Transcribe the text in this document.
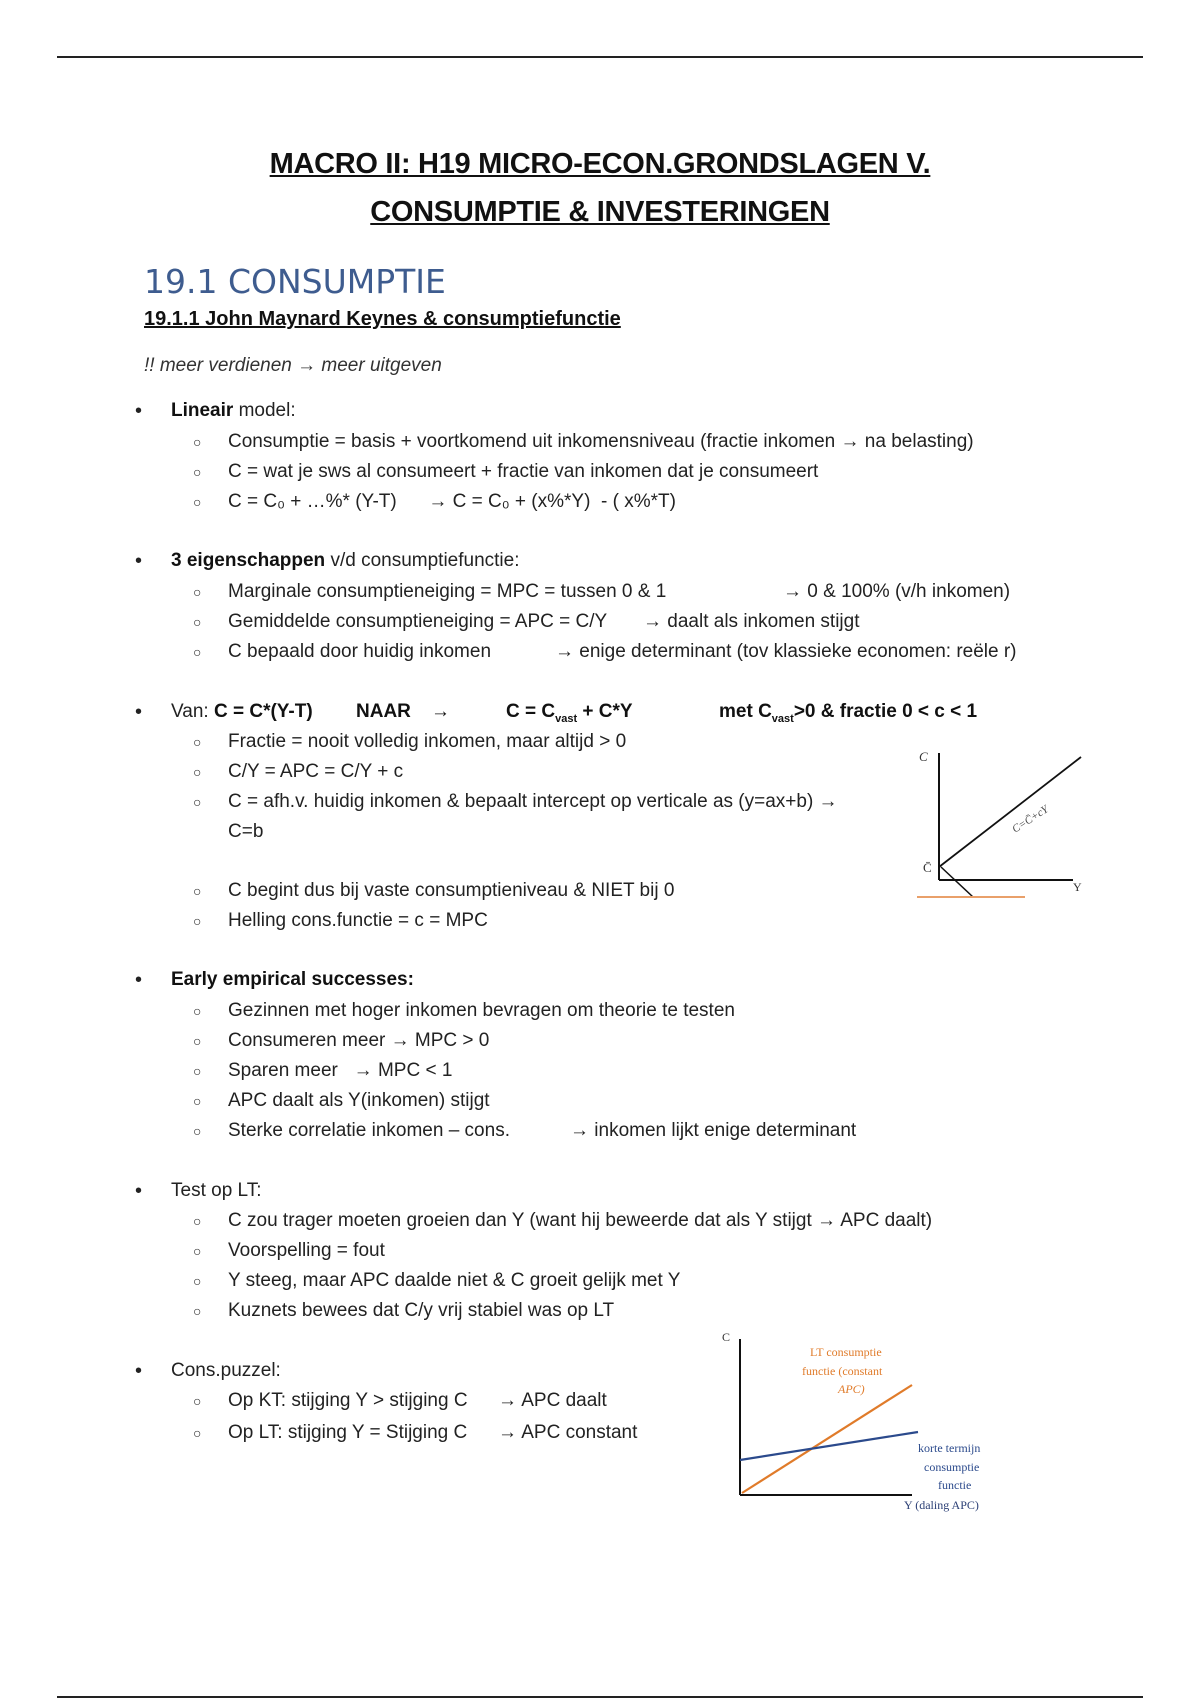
MACRO II: H19 MICRO-ECON.GRONDSLAGEN V.
CONSUMPTIE & INVESTERINGEN
19.1 CONSUMPTIE
19.1.1 John Maynard Keynes & consumptiefunctie
!! meer verdienen → meer uitgeven
• Lineair model:
○ Consumptie = basis + voortkomend uit inkomensniveau (fractie inkomen → na belasting)
○ C = wat je sws al consumeert + fractie van inkomen dat je consumeert
○ C = C₀ + …%* (Y-T)      → C = C₀ + (x%*Y)  - ( x%*T)
• 3 eigenschappen v/d consumptiefunctie:
○ Marginale consumptieneiging = MPC = tussen 0 & 1	→ 0 & 100% (v/h inkomen)
○ Gemiddelde consumptieneiging = APC = C/Y → daalt als inkomen stijgt
○ C bepaald door huidig inkomen	→ enige determinant (tov klassieke economen: reële r)
• Van: C = C*(Y-T) NAAR →	$C = C_{vast} + C*Y$	met $C_{vast}>0$ & fractie 0 < c < 1
○ Fractie = nooit volledig inkomen, maar altijd > 0
○ C/Y = APC = C/Y + c
○ C = afh.v. huidig inkomen & bepaalt intercept op verticale as (y=ax+b) →
C=b
○ C begint dus bij vaste consumptieniveau & NIET bij 0
○ Helling cons.functie = c = MPC
C
Y
C̄
C=C̄+cY
• Early empirical successes:
○ Gezinnen met hoger inkomen bevragen om theorie te testen
○ Consumeren meer → MPC > 0
○ Sparen meer   → MPC < 1
○ APC daalt als Y(inkomen) stijgt
○ Sterke correlatie inkomen – cons.	→ inkomen lijkt enige determinant
• Test op LT:
○ C zou trager moeten groeien dan Y (want hij beweerde dat als Y stijgt → APC daalt)
○ Voorspelling = fout
○ Y steeg, maar APC daalde niet & C groeit gelijk met Y
○ Kuznets bewees dat C/y vrij stabiel was op LT
• Cons.puzzel:
○ Op KT: stijging Y > stijging C → APC daalt
○ Op LT: stijging Y = Stijging C → APC constant
C
LT consumptie
functie (constant
APC)
korte termijn
consumptie
functie
Y (daling APC)
